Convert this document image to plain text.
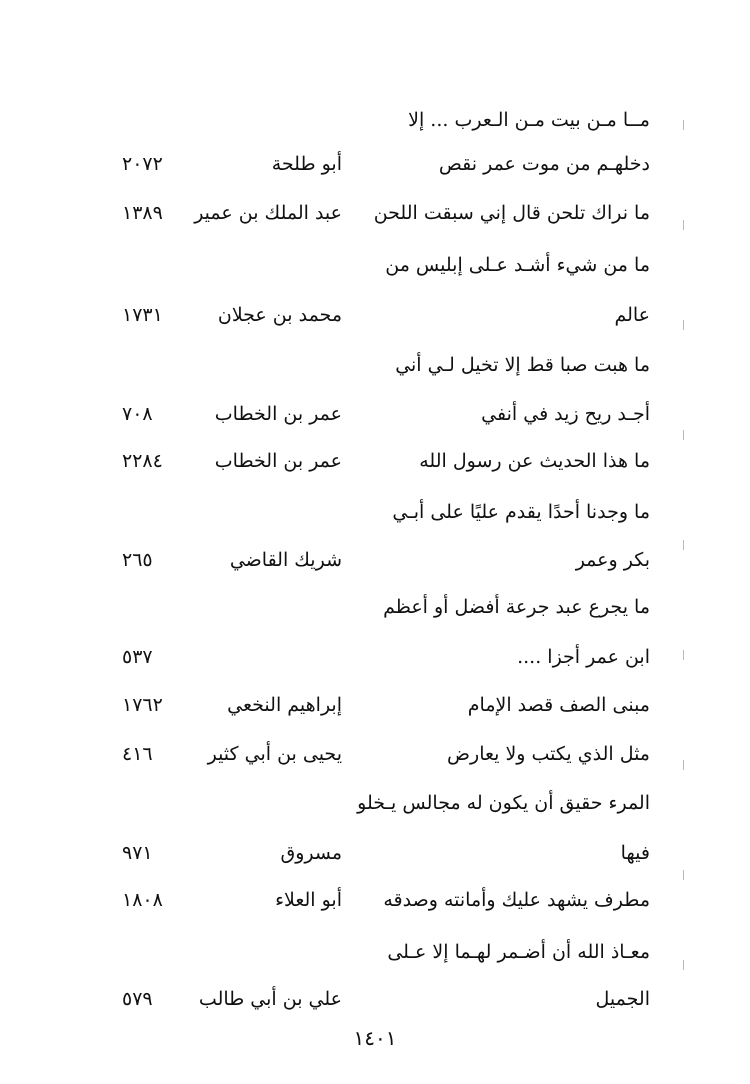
مــا مـن بيت مـن الـعرب ... إلا
دخلهـم من موت عمر نقص
أبو طلحة
٢٠٧٢
ما نراك تلحن قال إني سبقت اللحن
عبد الملك بن عمير
١٣٨٩
ما من شيء أشـد عـلى إبليس من
عالم
محمد بن عجلان
١٧٣١
ما هبت صبا قط إلا تخيل لـي أني
أجـد ريح زيد في أنفي
عمر بن الخطاب
٧٠٨
ما هذا الحديث عن رسول الله
عمر بن الخطاب
٢٢٨٤
ما وجدنا أحدًا يقدم عليًا على أبـي
بكر وعمر
شريك القاضي
٢٦٥
ما يجرع عبد جرعة أفضل أو أعظم
ابن عمر أجزا ....
٥٣٧
مبنى الصف قصد الإمام
إبراهيم النخعي
١٧٦٢
مثل الذي يكتب ولا يعارض
يحيى بن أبي كثير
٤١٦
المرء حقيق أن يكون له مجالس يـخلو
فيها
مسروق
٩٧١
مطرف يشهد عليك وأمانته وصدقه
أبو العلاء
١٨٠٨
معـاذ الله أن أضـمر لهـما إلا عـلى
الجميل
علي بن أبي طالب
٥٧٩
١٤٠١
